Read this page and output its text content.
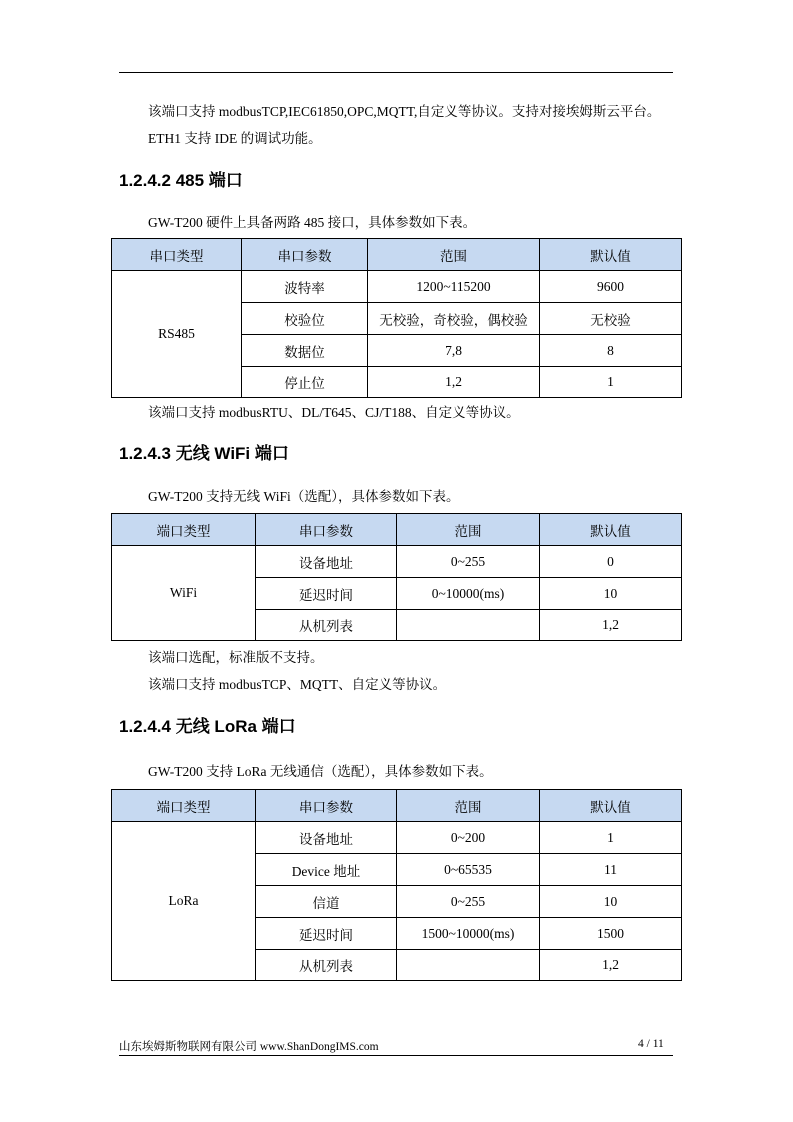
该端口支持 modbusTCP,IEC61850,OPC,MQTT,自定义等协议。支持对接埃姆斯云平台。
ETH1 支持 IDE 的调试功能。
1.2.4.2 485 端口
GW-T200 硬件上具备两路 485 接口，具体参数如下表。
串口类型	串口参数	范围	默认值
RS485	波特率	1200~115200	9600
	校验位	无校验，奇校验，偶校验	无校验
	数据位	7,8	8
	停止位	1,2	1
该端口支持 modbusRTU、DL/T645、CJ/T188、自定义等协议。
1.2.4.3 无线 WiFi 端口
GW-T200 支持无线 WiFi（选配），具体参数如下表。
端口类型	串口参数	范围	默认值
WiFi	设备地址	0~255	0
	延迟时间	0~10000(ms)	10
	从机列表		1,2
该端口选配，标准版不支持。
该端口支持 modbusTCP、MQTT、自定义等协议。
1.2.4.4 无线 LoRa 端口
GW-T200 支持 LoRa 无线通信（选配），具体参数如下表。
端口类型	串口参数	范围	默认值
LoRa	设备地址	0~200	1
	Device 地址	0~65535	11
	信道	0~255	10
	延迟时间	1500~10000(ms)	1500
	从机列表		1,2
山东埃姆斯物联网有限公司 www.ShanDongIMS.com	4 / 11
